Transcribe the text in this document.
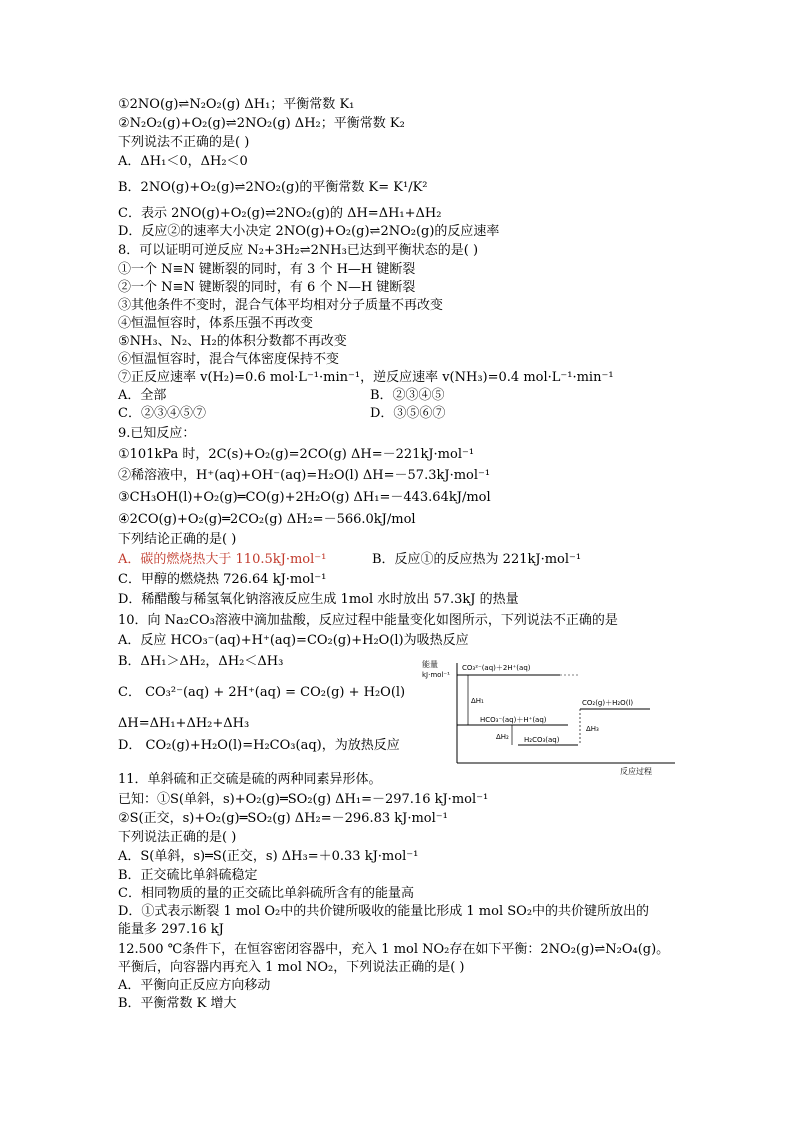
①2NO(g)⇌N₂O₂(g) ΔH₁；平衡常数 K₁
②N₂O₂(g)+O₂(g)⇌2NO₂(g) ΔH₂；平衡常数 K₂
下列说法不正确的是( )
A．ΔH₁＜0，ΔH₂＜0
B．2NO(g)+O₂(g)⇌2NO₂(g)的平衡常数 K= K¹/K²
C．表示 2NO(g)+O₂(g)⇌2NO₂(g)的 ΔH=ΔH₁+ΔH₂
D．反应②的速率大小决定 2NO(g)+O₂(g)⇌2NO₂(g)的反应速率
8．可以证明可逆反应 N₂+3H₂⇌2NH₃已达到平衡状态的是( )
①一个 N≡N 键断裂的同时，有 3 个 H—H 键断裂
②一个 N≡N 键断裂的同时，有 6 个 N—H 键断裂
③其他条件不变时，混合气体平均相对分子质量不再改变
④恒温恒容时，体系压强不再改变
⑤NH₃、N₂、H₂的体积分数都不再改变
⑥恒温恒容时，混合气体密度保持不变
⑦正反应速率 v(H₂)=0.6 mol·L⁻¹·min⁻¹，逆反应速率 v(NH₃)=0.4 mol·L⁻¹·min⁻¹
A．全部	B．②③④⑤
C．②③④⑤⑦	D．③⑤⑥⑦
9.已知反应：
①101kPa 时，2C(s)+O₂(g)=2CO(g) ΔH=－221kJ·mol⁻¹
②稀溶液中，H⁺(aq)+OH⁻(aq)=H₂O(l) ΔH=－57.3kJ·mol⁻¹
③CH₃OH(l)+O₂(g)═CO(g)+2H₂O(g) ΔH₁=－443.64kJ/mol
④2CO(g)+O₂(g)═2CO₂(g) ΔH₂=－566.0kJ/mol
下列结论正确的是( )
A．碳的燃烧热大于 110.5kJ·mol⁻¹	B．反应①的反应热为 221kJ·mol⁻¹
C．甲醇的燃烧热 726.64 kJ·mol⁻¹
D．稀醋酸与稀氢氧化钠溶液反应生成 1mol 水时放出 57.3kJ 的热量
10．向 Na₂CO₃溶液中滴加盐酸，反应过程中能量变化如图所示，下列说法不正确的是
A．反应 HCO₃⁻(aq)+H⁺(aq)=CO₂(g)+H₂O(l)为吸热反应
B．ΔH₁＞ΔH₂，ΔH₂＜ΔH₃
C． CO₃²⁻(aq) + 2H⁺(aq) = CO₂(g) + H₂O(l)
ΔH=ΔH₁+ΔH₂+ΔH₃
D． CO₂(g)+H₂O(l)=H₂CO₃(aq)，为放热反应
能量
kJ·mol⁻¹
反应过程
CO₃²⁻(aq)＋2H⁺(aq)
HCO₃⁻(aq)＋H⁺(aq)
H₂CO₃(aq)
CO₂(g)＋H₂O(l)
ΔH₁
ΔH₂
ΔH₃
11．单斜硫和正交硫是硫的两种同素异形体。
已知：①S(单斜，s)+O₂(g)═SO₂(g) ΔH₁=－297.16 kJ·mol⁻¹
②S(正交，s)+O₂(g)═SO₂(g) ΔH₂=－296.83 kJ·mol⁻¹
下列说法正确的是( )
A．S(单斜，s)═S(正交，s) ΔH₃=＋0.33 kJ·mol⁻¹
B．正交硫比单斜硫稳定
C．相同物质的量的正交硫比单斜硫所含有的能量高
D．①式表示断裂 1 mol O₂中的共价键所吸收的能量比形成 1 mol SO₂中的共价键所放出的
能量多 297.16 kJ
12.500 ℃条件下，在恒容密闭容器中，充入 1 mol NO₂存在如下平衡：2NO₂(g)⇌N₂O₄(g)。
平衡后，向容器内再充入 1 mol NO₂，下列说法正确的是( )
A．平衡向正反应方向移动
B．平衡常数 K 增大
